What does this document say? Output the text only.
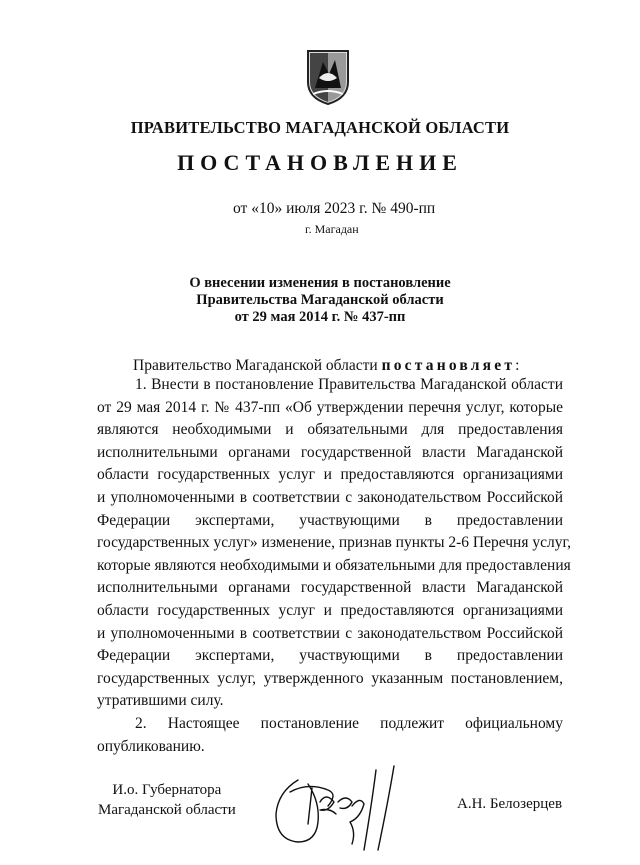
ПРАВИТЕЛЬСТВО МАГАДАНСКОЙ ОБЛАСТИ
ПОСТАНОВЛЕНИЕ
от «10» июля 2023 г. № 490-пп
г. Магадан
О внесении изменения в постановление
Правительства Магаданской области
от 29 мая 2014 г. № 437-пп
Правительство Магаданской области постановляет:
1. Внести в постановление Правительства Магаданской области
от 29 мая 2014 г. № 437-пп «Об утверждении перечня услуг, которые
являются необходимыми и обязательными для предоставления
исполнительными органами государственной власти Магаданской
области государственных услуг и предоставляются организациями
и уполномоченными в соответствии с законодательством Российской
Федерации экспертами, участвующими в предоставлении
государственных услуг» изменение, признав пункты 2-6 Перечня услуг,
которые являются необходимыми и обязательными для предоставления
исполнительными органами государственной власти Магаданской
области государственных услуг и предоставляются организациями
и уполномоченными в соответствии с законодательством Российской
Федерации экспертами, участвующими в предоставлении
государственных услуг, утвержденного указанным постановлением,
утратившими силу.
2. Настоящее постановление подлежит официальному
опубликованию.
И.о. Губернатора
Магаданской области	А.Н. Белозерцев
